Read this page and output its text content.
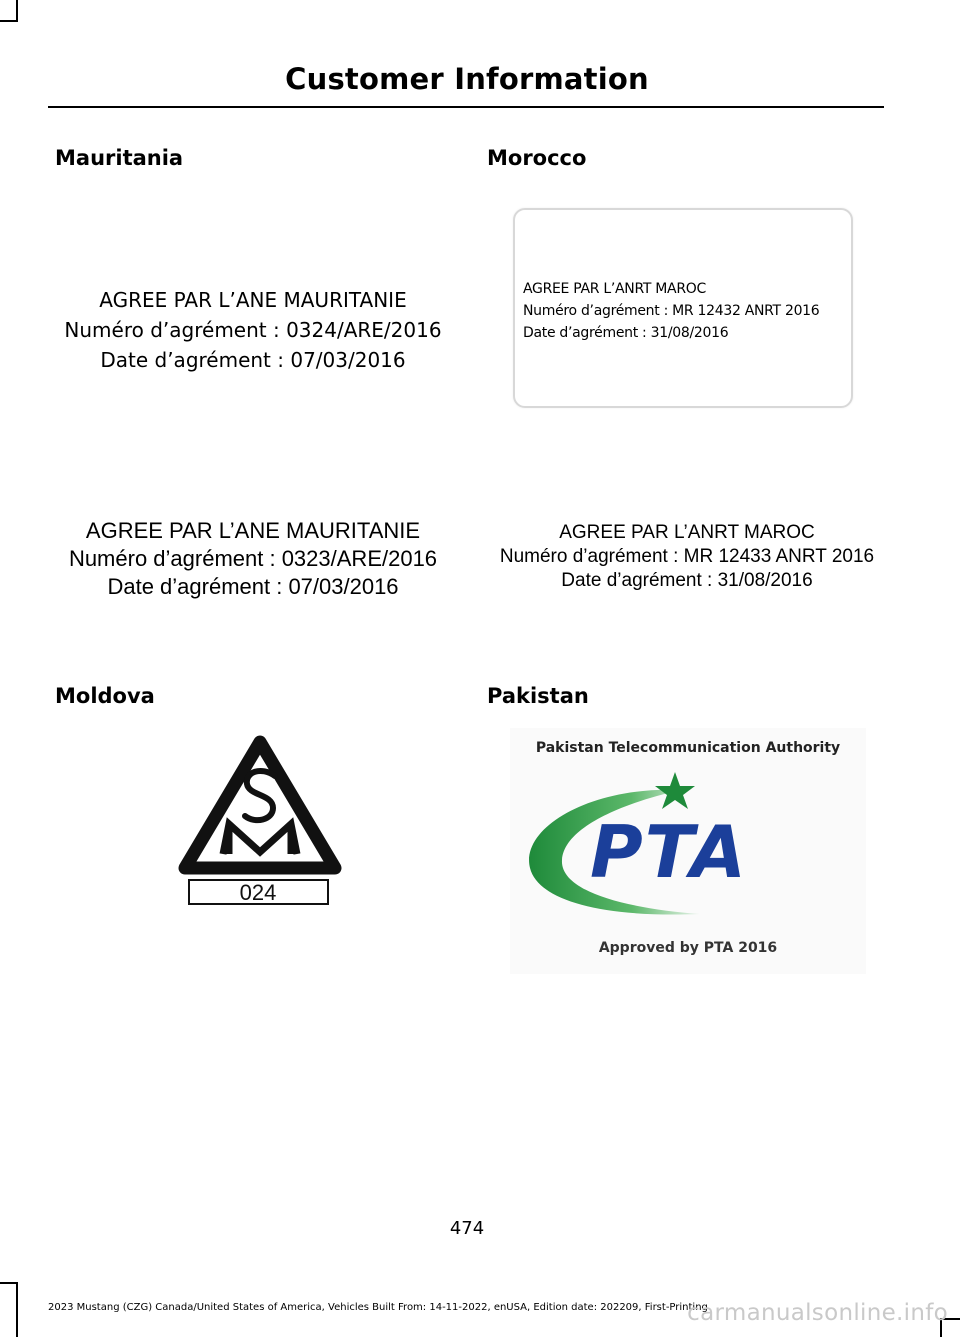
Customer Information
Mauritania
AGREE PAR L’ANE MAURITANIE
Numéro d’agrément : 0324/ARE/2016
Date d’agrément : 07/03/2016
AGREE PAR L’ANE MAURITANIE
Numéro d’agrément : 0323/ARE/2016
Date d’agrément : 07/03/2016
Morocco
AGREE PAR L’ANRT MAROC
Numéro d’agrément : MR 12432 ANRT 2016
Date d’agrément : 31/08/2016
AGREE PAR L’ANRT MAROC
Numéro d’agrément : MR 12433 ANRT 2016
Date d’agrément : 31/08/2016
Moldova
024
Pakistan
Pakistan Telecommunication Authority
PTA
Approved by PTA 2016
474
2023 Mustang (CZG) Canada/United States of America, Vehicles Built From: 14-11-2022, enUSA, Edition date: 202209, First-Printing
carmanualsonline.info
